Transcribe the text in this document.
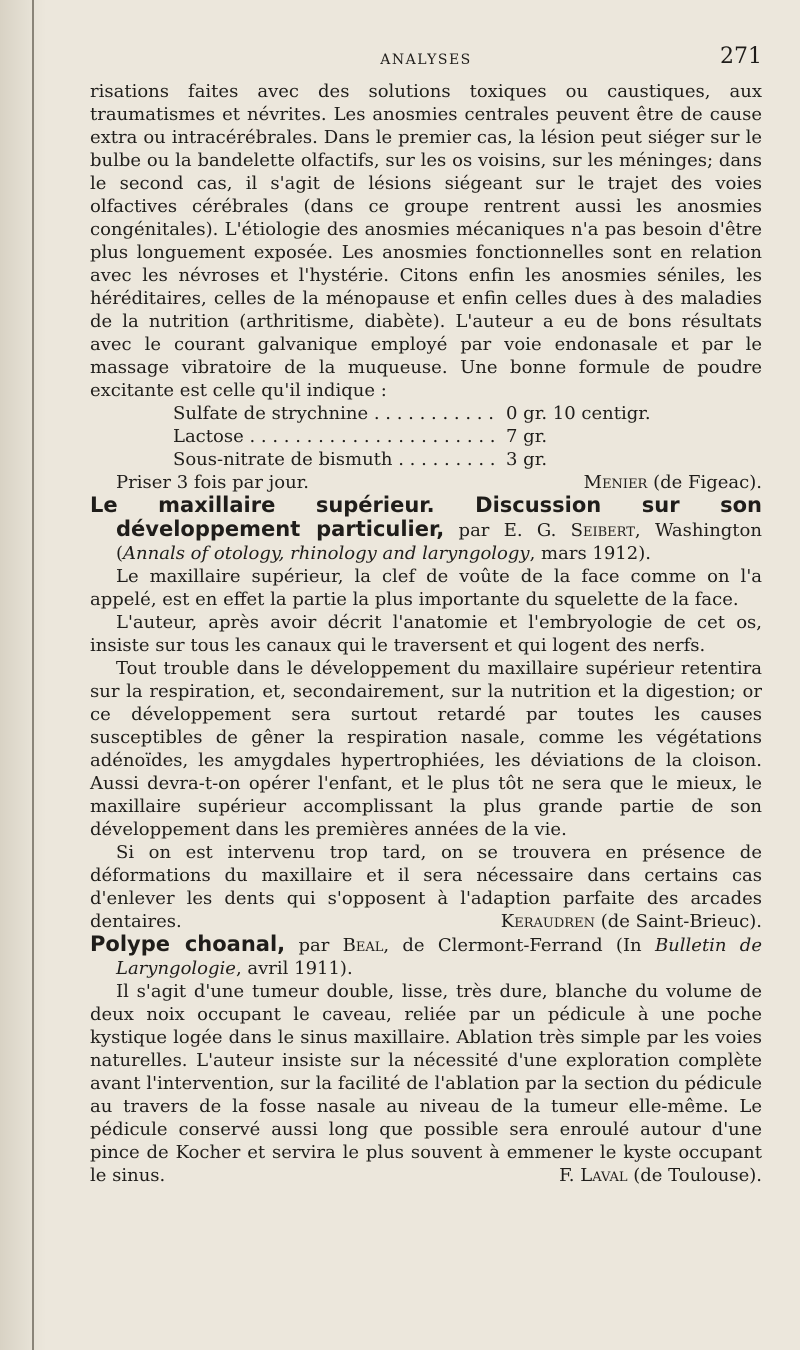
ANALYSES	271

risations faites avec des solutions toxiques ou caustiques, aux traumatismes et névrites. Les anosmies centrales peuvent être de cause extra ou intracérébrales. Dans le premier cas, la lésion peut siéger sur le bulbe ou la bandelette olfactifs, sur les os voisins, sur les méninges; dans le second cas, il s'agit de lésions siégeant sur le trajet des voies olfactives cérébrales (dans ce groupe rentrent aussi les anosmies congénitales). L'étiologie des anosmies mécaniques n'a pas besoin d'être plus longuement exposée. Les anosmies fonctionnelles sont en relation avec les névroses et l'hystérie. Citons enfin les anosmies séniles, les héréditaires, celles de la ménopause et enfin celles dues à des maladies de la nutrition (arthritisme, diabète). L'auteur a eu de bons résultats avec le courant galvanique employé par voie endonasale et par le massage vibratoire de la muqueuse. Une bonne formule de poudre excitante est celle qu'il indique :

Sulfate de strychnine . . .	0 gr. 10 centigr.
Lactose . . .	7 gr.
Sous-nitrate de bismuth . . .	3 gr.
Priser 3 fois par jour.	Menier (de Figeac).

Le maxillaire supérieur. Discussion sur son développement particulier, par E. G. Seibert, Washington (Annals of otology, rhinology and laryngology, mars 1912).

Le maxillaire supérieur, la clef de voûte de la face comme on l'a appelé, est en effet la partie la plus importante du squelette de la face.

L'auteur, après avoir décrit l'anatomie et l'embryologie de cet os, insiste sur tous les canaux qui le traversent et qui logent des nerfs.

Tout trouble dans le développement du maxillaire supérieur retentira sur la respiration, et, secondairement, sur la nutrition et la digestion; or ce développement sera surtout retardé par toutes les causes susceptibles de gêner la respiration nasale, comme les végétations adénoïdes, les amygdales hypertrophiées, les déviations de la cloison. Aussi devra-t-on opérer l'enfant, et le plus tôt ne sera que le mieux, le maxillaire supérieur accomplissant la plus grande partie de son développement dans les premières années de la vie.

Si on est intervenu trop tard, on se trouvera en présence de déformations du maxillaire et il sera nécessaire dans certains cas d'enlever les dents qui s'opposent à l'adaption parfaite des arcades dentaires.	Keraudren (de Saint-Brieuc).

Polype choanal, par Beal, de Clermont-Ferrand (In Bulletin de Laryngologie, avril 1911).

Il s'agit d'une tumeur double, lisse, très dure, blanche du volume de deux noix occupant le caveau, reliée par un pédicule à une poche kystique logée dans le sinus maxillaire. Ablation très simple par les voies naturelles. L'auteur insiste sur la nécessité d'une exploration complète avant l'intervention, sur la facilité de l'ablation par la section du pédicule au travers de la fosse nasale au niveau de la tumeur elle-même. Le pédicule conservé aussi long que possible sera enroulé autour d'une pince de Kocher et servira le plus souvent à emmener le kyste occupant le sinus.	F. Laval (de Toulouse).
